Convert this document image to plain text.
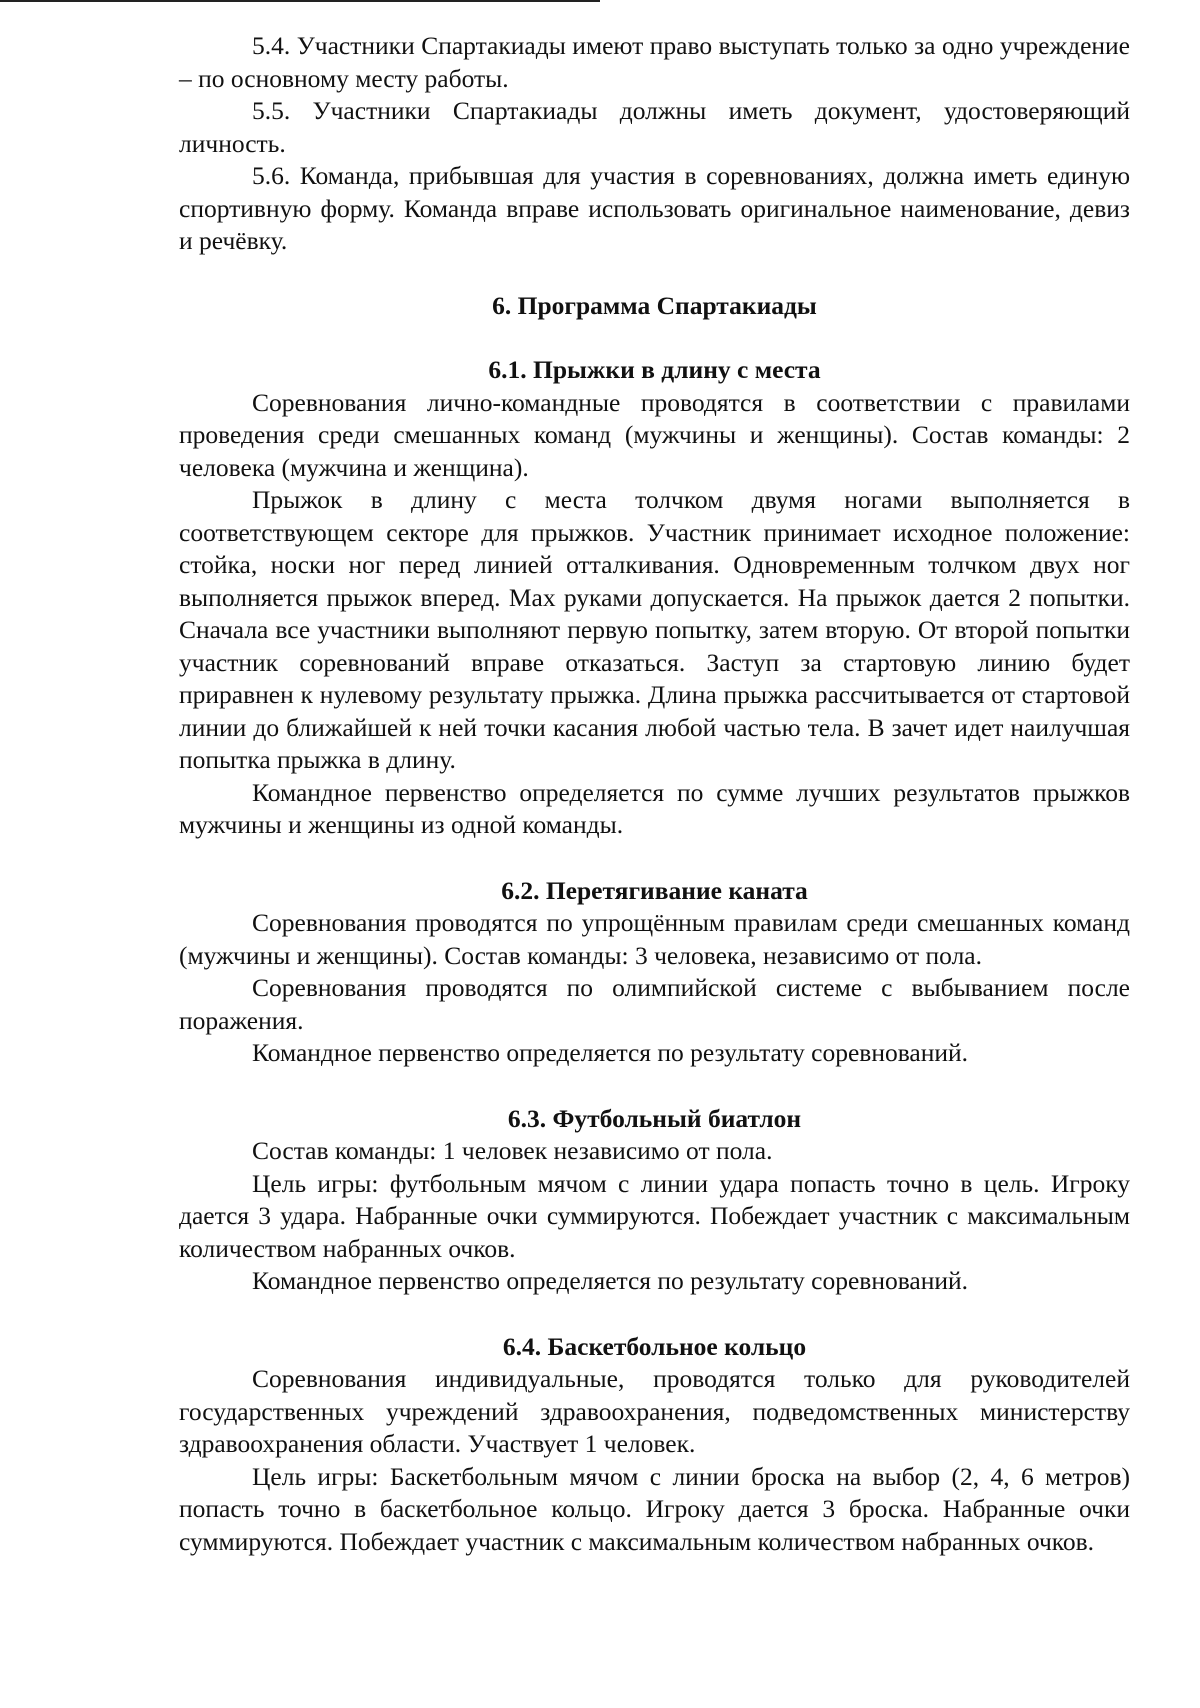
5.4. Участники Спартакиады имеют право выступать только за одно учреждение – по основному месту работы.

5.5. Участники Спартакиады должны иметь документ, удостоверяющий личность.

5.6. Команда, прибывшая для участия в соревнованиях, должна иметь единую спортивную форму. Команда вправе использовать оригинальное наименование, девиз и речёвку.

6. Программа Спартакиады
6.1. Прыжки в длину с места

Соревнования лично-командные проводятся в соответствии с правилами проведения среди смешанных команд (мужчины и женщины). Состав команды: 2 человека (мужчина и женщина).

Прыжок в длину с места толчком двумя ногами выполняется в соответствующем секторе для прыжков. Участник принимает исходное положение: стойка, носки ног перед линией отталкивания. Одновременным толчком двух ног выполняется прыжок вперед. Мах руками допускается. На прыжок дается 2 попытки. Сначала все участники выполняют первую попытку, затем вторую. От второй попытки участник соревнований вправе отказаться. Заступ за стартовую линию будет приравнен к нулевому результату прыжка. Длина прыжка рассчитывается от стартовой линии до ближайшей к ней точки касания любой частью тела. В зачет идет наилучшая попытка прыжка в длину.

Командное первенство определяется по сумме лучших результатов прыжков мужчины и женщины из одной команды.

6.2. Перетягивание каната

Соревнования проводятся по упрощённым правилам среди смешанных команд (мужчины и женщины). Состав команды: 3 человека, независимо от пола.

Соревнования проводятся по олимпийской системе с выбыванием после поражения.

Командное первенство определяется по результату соревнований.

6.3. Футбольный биатлон

Состав команды: 1 человек независимо от пола.

Цель игры: футбольным мячом с линии удара попасть точно в цель. Игроку дается 3 удара. Набранные очки суммируются. Побеждает участник с максимальным количеством набранных очков.

Командное первенство определяется по результату соревнований.

6.4. Баскетбольное кольцо

Соревнования индивидуальные, проводятся только для руководителей государственных учреждений здравоохранения, подведомственных министерству здравоохранения области. Участвует 1 человек.

Цель игры: Баскетбольным мячом с линии броска на выбор (2, 4, 6 метров) попасть точно в баскетбольное кольцо. Игроку дается 3 броска. Набранные очки суммируются. Побеждает участник с максимальным количеством набранных очков.
